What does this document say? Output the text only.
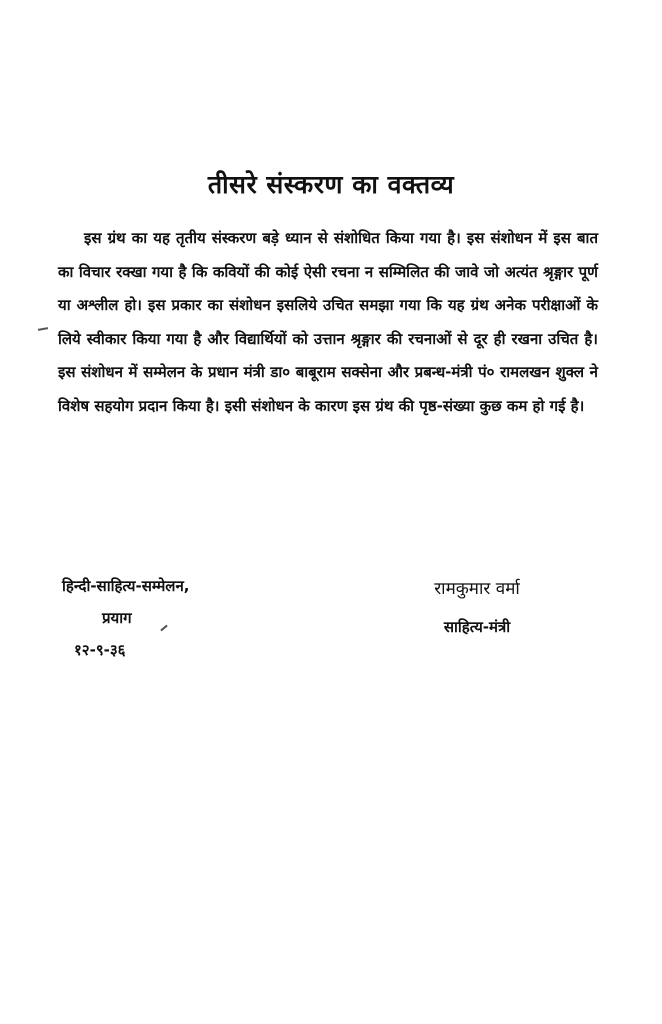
तीसरे संस्करण का वक्तव्य
इस ग्रंथ का यह तृतीय संस्करण बड़े ध्यान से संशोधित किया गया है। इस संशोधन में इस बात का विचार रक्खा गया है कि कवियों की कोई ऐसी रचना न सम्मिलित की जावे जो अत्यंत श्रृङ्गार पूर्ण या अश्लील हो। इस प्रकार का संशोधन इसलिये उचित समझा गया कि यह ग्रंथ अनेक परीक्षाओं के लिये स्वीकार किया गया है और विद्यार्थियों को उत्तान श्रृङ्गार की रचनाओं से दूर ही रखना उचित है। इस संशोधन में सम्मेलन के प्रधान मंत्री डा० बाबूराम सक्सेना और प्रबन्ध-मंत्री पं० रामलखन शुक्ल ने विशेष सहयोग प्रदान किया है। इसी संशोधन के कारण इस ग्रंथ की पृष्ठ-संख्या कुछ कम हो गई है।
हिन्दी-साहित्य-सम्मेलन,
प्रयाग
१२-९-३६
रामकुमार वर्मा
साहित्य-मंत्री
